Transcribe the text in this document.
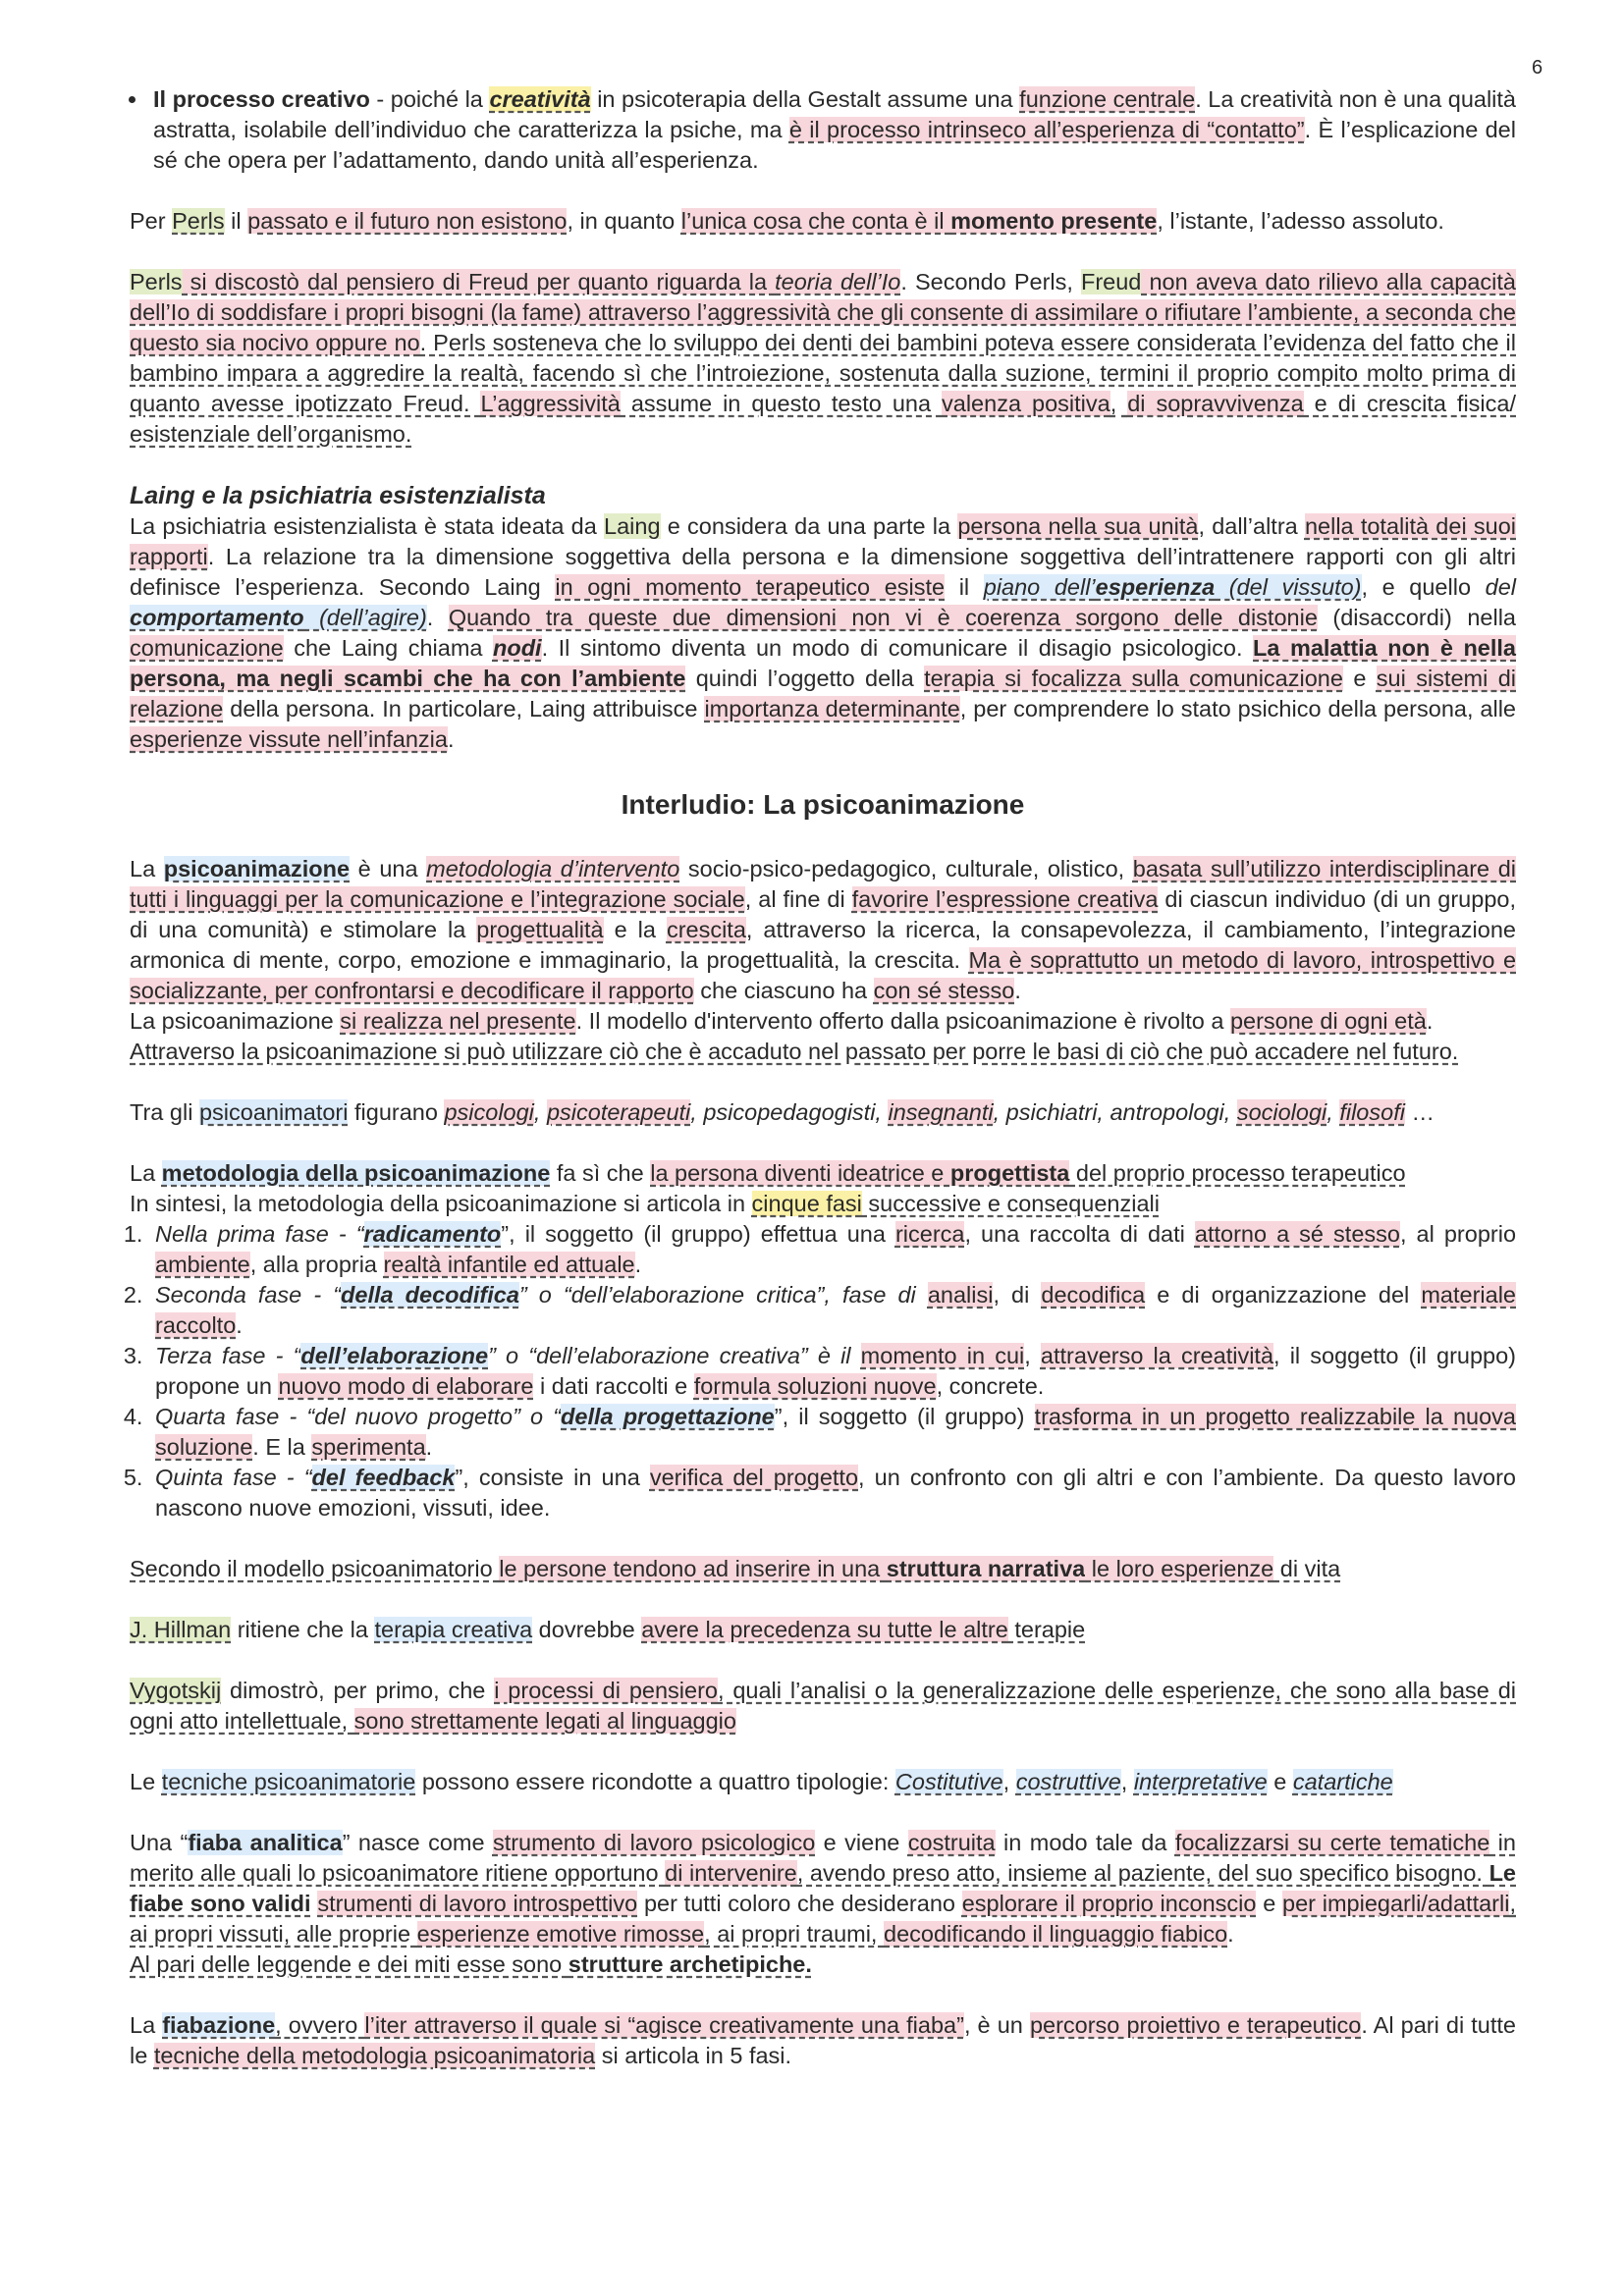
6
• Il processo creativo - poiché la creatività in psicoterapia della Gestalt assume una funzione centrale. La creatività non è una qualità astratta, isolabile dell’individuo che caratterizza la psiche, ma è il processo intrinseco all’esperienza di “contatto”. È l’esplicazione del sé che opera per l’adattamento, dando unità all’esperienza.

Per Perls il passato e il futuro non esistono, in quanto l’unica cosa che conta è il momento presente, l’istante, l’adesso assoluto.

Perls si discostò dal pensiero di Freud per quanto riguarda la teoria dell’Io. Secondo Perls, Freud non aveva dato rilievo alla capacità dell’Io di soddisfare i propri bisogni (la fame) attraverso l’aggressività che gli consente di assimilare o rifiutare l’ambiente, a seconda che questo sia nocivo oppure no. Perls sosteneva che lo sviluppo dei denti dei bambini poteva essere considerata l’evidenza del fatto che il bambino impara a aggredire la realtà, facendo sì che l’introiezione, sostenuta dalla suzione, termini il proprio compito molto prima di quanto avesse ipotizzato Freud. L’aggressività assume in questo testo una valenza positiva, di sopravvivenza e di crescita fisica/ esistenziale dell’organismo.

Laing e la psichiatria esistenzialista

La psichiatria esistenzialista è stata ideata da Laing e considera da una parte la persona nella sua unità, dall’altra nella totalità dei suoi rapporti. La relazione tra la dimensione soggettiva della persona e la dimensione soggettiva dell’intrattenere rapporti con gli altri definisce l’esperienza. Secondo Laing in ogni momento terapeutico esiste il piano dell’esperienza (del vissuto), e quello del comportamento (dell’agire). Quando tra queste due dimensioni non vi è coerenza sorgono delle distonie (disaccordi) nella comunicazione che Laing chiama nodi. Il sintomo diventa un modo di comunicare il disagio psicologico. La malattia non è nella persona, ma negli scambi che ha con l’ambiente quindi l’oggetto della terapia si focalizza sulla comunicazione e sui sistemi di relazione della persona. In particolare, Laing attribuisce importanza determinante, per comprendere lo stato psichico della persona, alle esperienze vissute nell’infanzia.

Interludio: La psicoanimazione

La psicoanimazione è una metodologia d’intervento socio-psico-pedagogico, culturale, olistico, basata sull’utilizzo interdisciplinare di tutti i linguaggi per la comunicazione e l’integrazione sociale, al fine di favorire l’espressione creativa di ciascun individuo (di un gruppo, di una comunità) e stimolare la progettualità e la crescita, attraverso la ricerca, la consapevolezza, il cambiamento, l’integrazione armonica di mente, corpo, emozione e immaginario, la progettualità, la crescita. Ma è soprattutto un metodo di lavoro, introspettivo e socializzante, per confrontarsi e decodificare il rapporto che ciascuno ha con sé stesso.
La psicoanimazione si realizza nel presente. Il modello d'intervento offerto dalla psicoanimazione è rivolto a persone di ogni età.
Attraverso la psicoanimazione si può utilizzare ciò che è accaduto nel passato per porre le basi di ciò che può accadere nel futuro.

Tra gli psicoanimatori figurano psicologi, psicoterapeuti, psicopedagogisti, insegnanti, psichiatri, antropologi, sociologi, filosofi …

La metodologia della psicoanimazione fa sì che la persona diventi ideatrice e progettista del proprio processo terapeutico
In sintesi, la metodologia della psicoanimazione si articola in cinque fasi successive e consequenziali

1. Nella prima fase - “radicamento”, il soggetto (il gruppo) effettua una ricerca, una raccolta di dati attorno a sé stesso, al proprio ambiente, alla propria realtà infantile ed attuale.
2. Seconda fase - “della decodifica” o “dell’elaborazione critica”, fase di analisi, di decodifica e di organizzazione del materiale raccolto.
3. Terza fase - “dell’elaborazione” o “dell’elaborazione creativa” è il momento in cui, attraverso la creatività, il soggetto (il gruppo) propone un nuovo modo di elaborare i dati raccolti e formula soluzioni nuove, concrete.
4. Quarta fase - “del nuovo progetto” o “della progettazione”, il soggetto (il gruppo) trasforma in un progetto realizzabile la nuova soluzione. E la sperimenta.
5. Quinta fase - “del feedback”, consiste in una verifica del progetto, un confronto con gli altri e con l’ambiente. Da questo lavoro nascono nuove emozioni, vissuti, idee.

Secondo il modello psicoanimatorio le persone tendono ad inserire in una struttura narrativa le loro esperienze di vita

J. Hillman ritiene che la terapia creativa dovrebbe avere la precedenza su tutte le altre terapie

Vygotskij dimostrò, per primo, che i processi di pensiero, quali l’analisi o la generalizzazione delle esperienze, che sono alla base di ogni atto intellettuale, sono strettamente legati al linguaggio

Le tecniche psicoanimatorie possono essere ricondotte a quattro tipologie: Costitutive, costruttive, interpretative e catartiche

Una “fiaba analitica” nasce come strumento di lavoro psicologico e viene costruita in modo tale da focalizzarsi su certe tematiche in merito alle quali lo psicoanimatore ritiene opportuno di intervenire, avendo preso atto, insieme al paziente, del suo specifico bisogno. Le fiabe sono validi strumenti di lavoro introspettivo per tutti coloro che desiderano esplorare il proprio inconscio e per impiegarli/adattarli, ai propri vissuti, alle proprie esperienze emotive rimosse, ai propri traumi, decodificando il linguaggio fiabico.
Al pari delle leggende e dei miti esse sono strutture archetipiche.

La fiabazione, ovvero l’iter attraverso il quale si “agisce creativamente una fiaba”, è un percorso proiettivo e terapeutico. Al pari di tutte le tecniche della metodologia psicoanimatoria si articola in 5 fasi.
